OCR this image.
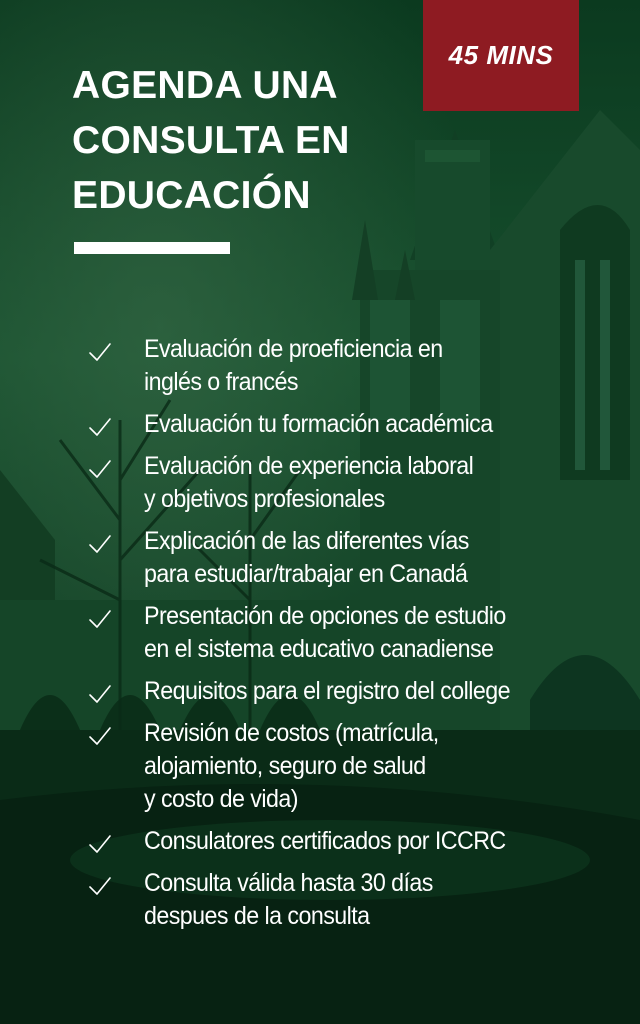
45 MINS
AGENDA UNA
CONSULTA EN
EDUCACIÓN
Evaluación de proeficiencia en
inglés o francés
Evaluación tu formación académica
Evaluación de experiencia laboral
y objetivos profesionales
Explicación de las diferentes vías
para estudiar/trabajar en Canadá
Presentación de opciones de estudio
en el sistema educativo canadiense
Requisitos para el registro del college
Revisión de costos (matrícula,
alojamiento, seguro de salud
y costo de vida)
Consulatores certificados por ICCRC
Consulta válida hasta 30 días
despues de la consulta
